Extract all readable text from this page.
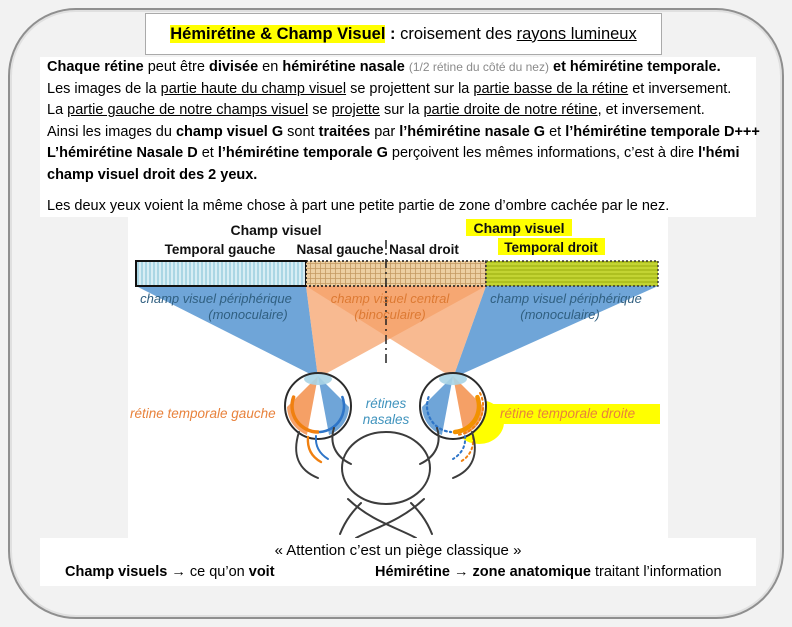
Hémirétine & Champ Visuel : croisement des rayons lumineux
Chaque rétine peut être divisée en hémirétine nasale (1/2 rétine du côté du nez) et hémirétine temporale.
Les images de la partie haute du champ visuel se projettent sur la partie basse de la rétine et inversement.
La partie gauche de notre champs visuel se projette sur la partie droite de notre rétine, et inversement.
Ainsi les images du champ visuel G sont traitées par l’hémirétine nasale G et l’hémirétine temporale D+++
L’hémirétine Nasale D et l’hémirétine temporale G perçoivent les mêmes informations, c’est à dire l'hémi
champ visuel droit des 2 yeux.
Les deux yeux voient la même chose à part une petite partie de zone d’ombre cachée par le nez.
Champ visuel	Champ visuel
Temporal gauche Nasal gauche Nasal droit	Temporal droit
champ visuel périphérique
(monoculaire)
champ visuel central
(binoculaire)
champ visuel périphérique
(monoculaire)
rétine temporale gauche
rétines
nasales	rétine temporale droite
« Attention c’est un piège classique »
Champ visuels → ce qu’on voit	Hémirétine → zone anatomique traitant l’information
